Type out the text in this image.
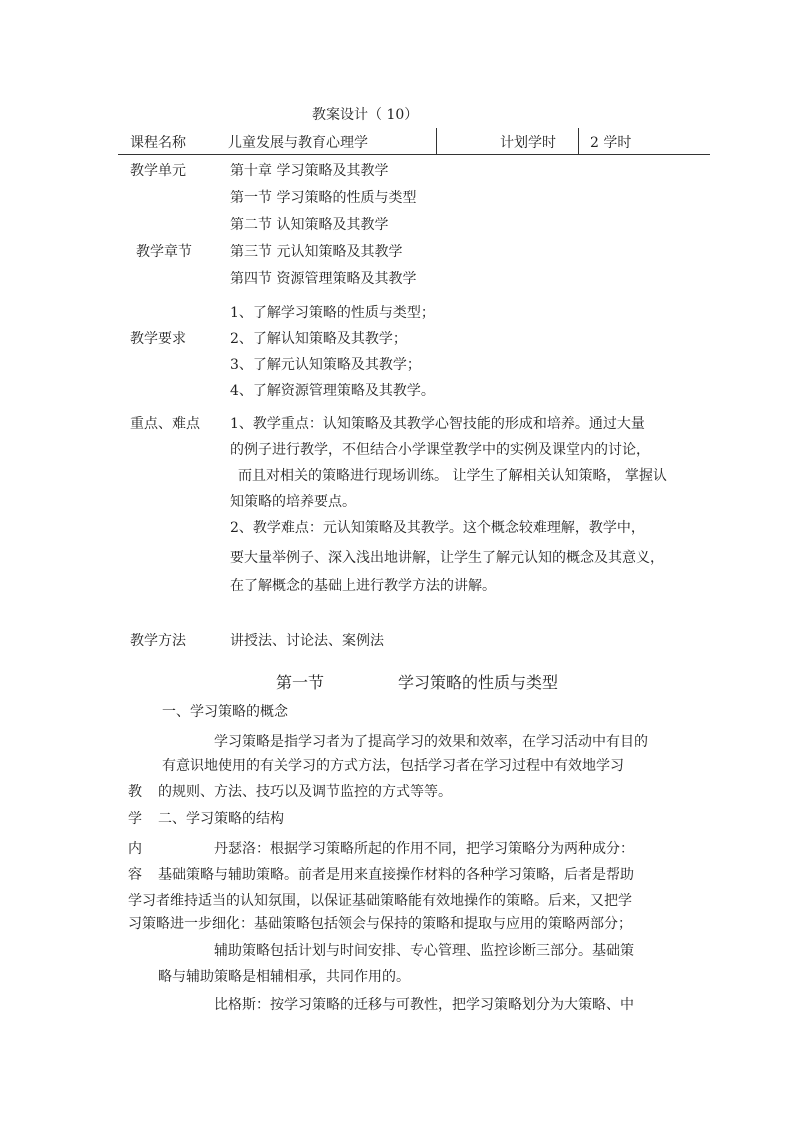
教案设计（ 10）
课程名称	儿童发展与教育心理学	计划学时 2 学时
教学单元	第十章 学习策略及其教学
第一节 学习策略的性质与类型
第二节 认知策略及其教学
教学章节	第三节 元认知策略及其教学
第四节 资源管理策略及其教学
1、了解学习策略的性质与类型；
教学要求	2、了解认知策略及其教学；
3、了解元认知策略及其教学；
4、了解资源管理策略及其教学。
重点、难点 1、教学重点：认知策略及其教学心智技能的形成和培养。通过大量
的例子进行教学，不但结合小学课堂教学中的实例及课堂内的讨论，
而且对相关的策略进行现场训练。 让学生了解相关认知策略， 掌握认
知策略的培养要点。
2、教学难点：元认知策略及其教学。这个概念较难理解，教学中，
要大量举例子、深入浅出地讲解，让学生了解元认知的概念及其意义，
在了解概念的基础上进行教学方法的讲解。
教学方法	讲授法、讨论法、案例法
第一节	学习策略的性质与类型
一、学习策略的概念
学习策略是指学习者为了提高学习的效果和效率，在学习活动中有目的
有意识地使用的有关学习的方式方法，包括学习者在学习过程中有效地学习
教 的规则、方法、技巧以及调节监控的方式等等。
学 二、学习策略的结构
内	丹瑟洛：根据学习策略所起的作用不同，把学习策略分为两种成分：
容 基础策略与辅助策略。前者是用来直接操作材料的各种学习策略，后者是帮助
学习者维持适当的认知氛围，以保证基础策略能有效地操作的策略。后来，又把学
习策略进一步细化：基础策略包括领会与保持的策略和提取与应用的策略两部分；
辅助策略包括计划与时间安排、专心管理、监控诊断三部分。基础策
略与辅助策略是相辅相承，共同作用的。
比格斯：按学习策略的迁移与可教性，把学习策略划分为大策略、中
